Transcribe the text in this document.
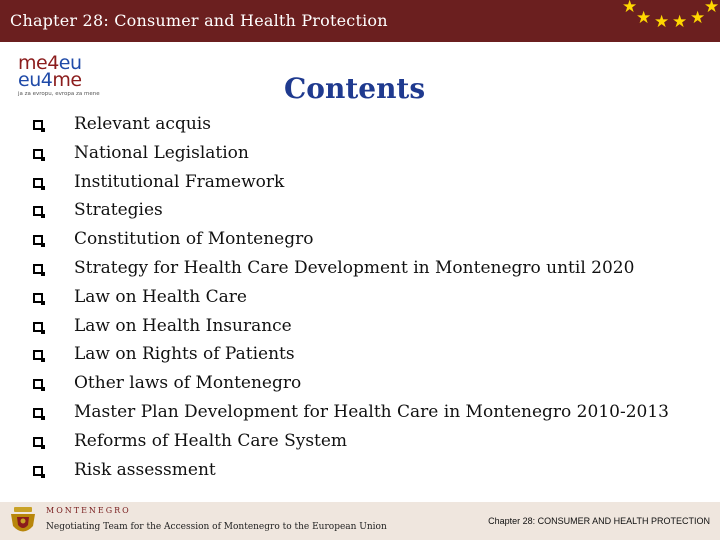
Chapter 28: Consumer and Health Protection
★
★ ★ ★ ★
★
me4eu
eu4me
ja za evropu, evropa za mene	Contents
Relevant acquis
National Legislation
Institutional Framework
Strategies
Constitution of Montenegro
Strategy for Health Care Development in Montenegro until 2020
Law on Health Care
Law on Health Insurance
Law on Rights of Patients
Other laws of Montenegro
Master Plan Development for Health Care in Montenegro 2010-2013
Reforms of Health Care System
Risk assessment
MONTENEGRO
Negotiating Team for the Accession of Montenegro to the European Union
Chapter 28: CONSUMER AND HEALTH PROTECTION
